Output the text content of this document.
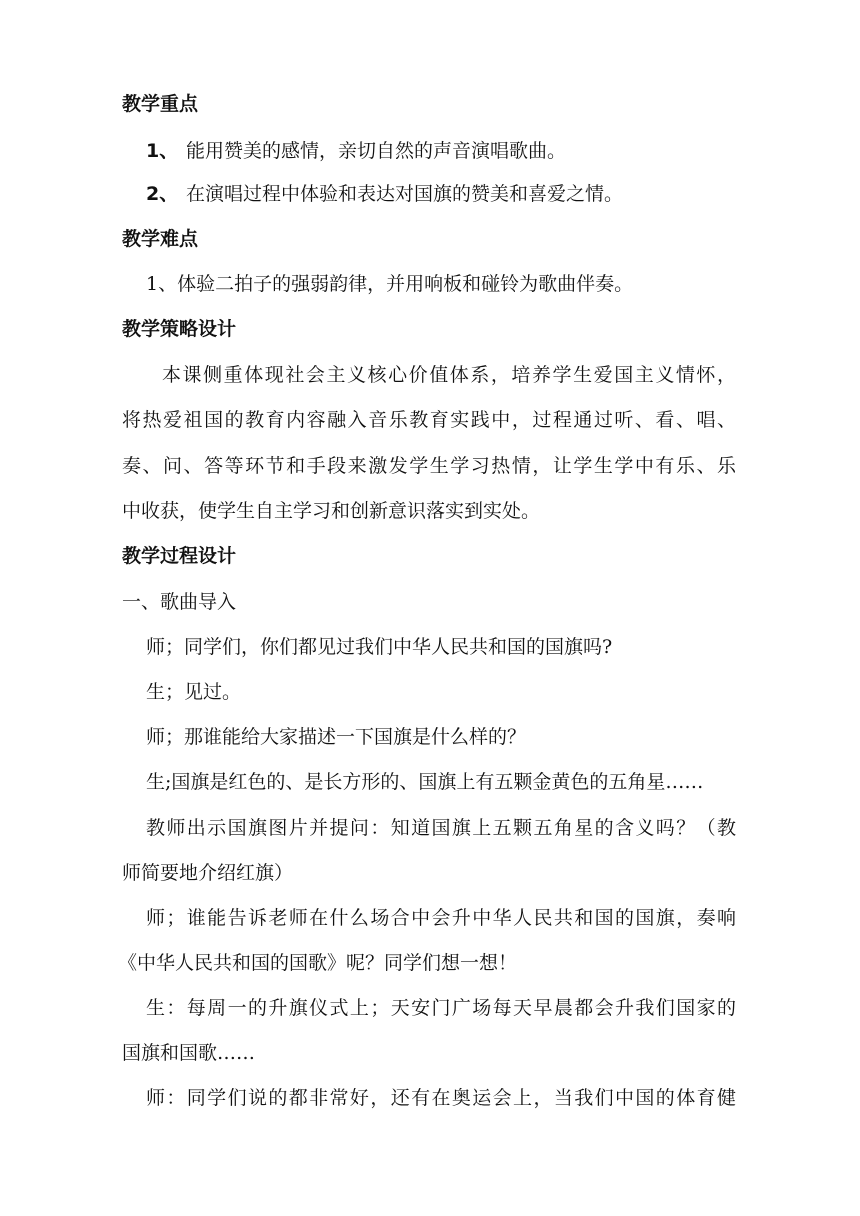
教学重点
1、 能用赞美的感情，亲切自然的声音演唱歌曲。
2、 在演唱过程中体验和表达对国旗的赞美和喜爱之情。
教学难点
1、体验二拍子的强弱韵律，并用响板和碰铃为歌曲伴奏。
教学策略设计
本课侧重体现社会主义核心价值体系，培养学生爱国主义情怀，
将热爱祖国的教育内容融入音乐教育实践中，过程通过听、看、唱、
奏、问、答等环节和手段来激发学生学习热情，让学生学中有乐、乐
中收获，使学生自主学习和创新意识落实到实处。
教学过程设计
一、歌曲导入
师；同学们，你们都见过我们中华人民共和国的国旗吗?
生；见过。
师；那谁能给大家描述一下国旗是什么样的？
生;国旗是红色的、是长方形的、国旗上有五颗金黄色的五角星……
教师出示国旗图片并提问：知道国旗上五颗五角星的含义吗？（教
师简要地介绍红旗）
师；谁能告诉老师在什么场合中会升中华人民共和国的国旗，奏响
《中华人民共和国的国歌》呢？同学们想一想！
生：每周一的升旗仪式上；天安门广场每天早晨都会升我们国家的
国旗和国歌……
师：同学们说的都非常好，还有在奥运会上，当我们中国的体育健
